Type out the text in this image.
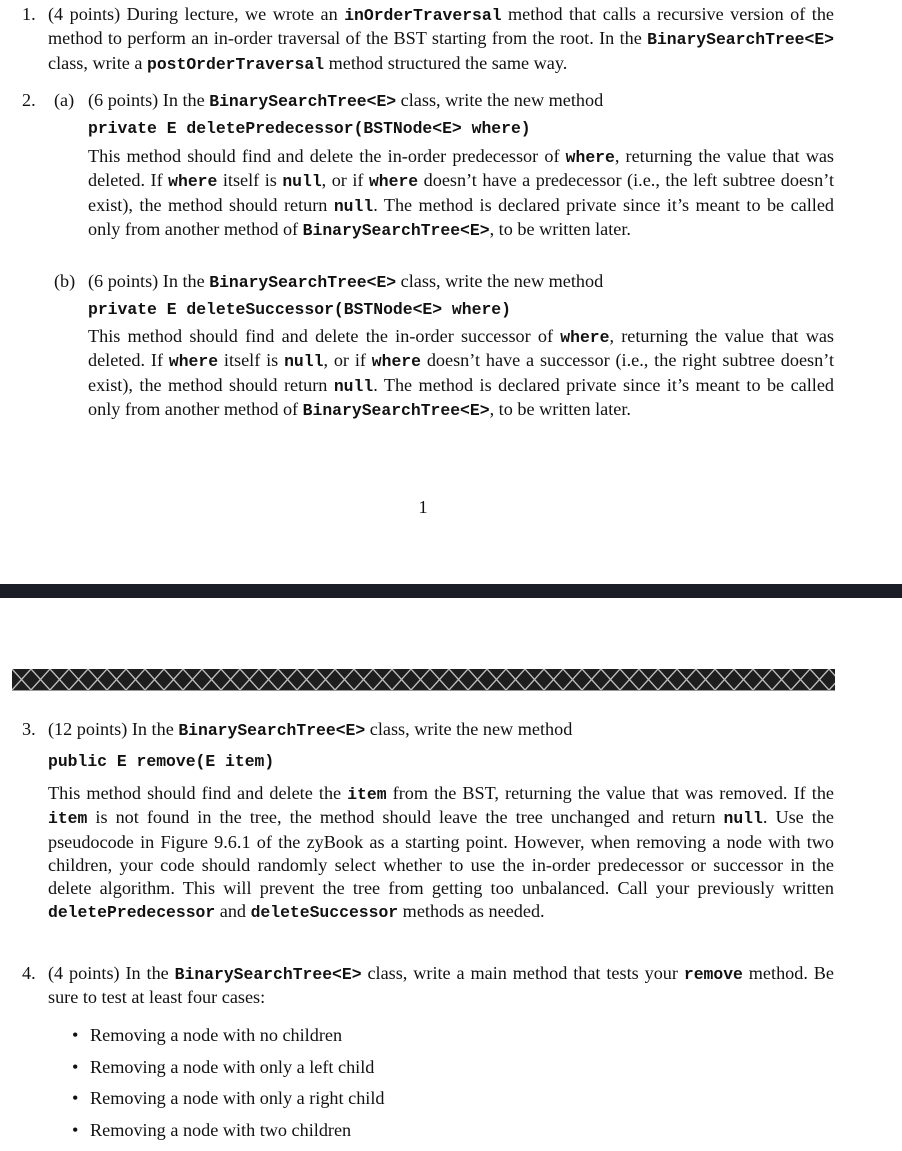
1. (4 points) During lecture, we wrote an inOrderTraversal method that calls a recursive version of the method to perform an in-order traversal of the BST starting from the root. In the BinarySearchTree<E> class, write a postOrderTraversal method structured the same way.
2. (a) (6 points) In the BinarySearchTree<E> class, write the new method
private E deletePredecessor(BSTNode<E> where)
This method should find and delete the in-order predecessor of where, returning the value that was deleted. If where itself is null, or if where doesn’t have a predecessor (i.e., the left subtree doesn’t exist), the method should return null. The method is declared private since it’s meant to be called only from another method of BinarySearchTree<E>, to be written later.
(b) (6 points) In the BinarySearchTree<E> class, write the new method
private E deleteSuccessor(BSTNode<E> where)
This method should find and delete the in-order successor of where, returning the value that was deleted. If where itself is null, or if where doesn’t have a successor (i.e., the right subtree doesn’t exist), the method should return null. The method is declared private since it’s meant to be called only from another method of BinarySearchTree<E>, to be written later.
1
3. (12 points) In the BinarySearchTree<E> class, write the new method
public E remove(E item)
This method should find and delete the item from the BST, returning the value that was removed. If the item is not found in the tree, the method should leave the tree unchanged and return null. Use the pseudocode in Figure 9.6.1 of the zyBook as a starting point. However, when removing a node with two children, your code should randomly select whether to use the in-order predecessor or successor in the delete algorithm. This will prevent the tree from getting too unbalanced. Call your previously written deletePredecessor and deleteSuccessor methods as needed.
4. (4 points) In the BinarySearchTree<E> class, write a main method that tests your remove method. Be sure to test at least four cases:
• Removing a node with no children
• Removing a node with only a left child
• Removing a node with only a right child
• Removing a node with two children
